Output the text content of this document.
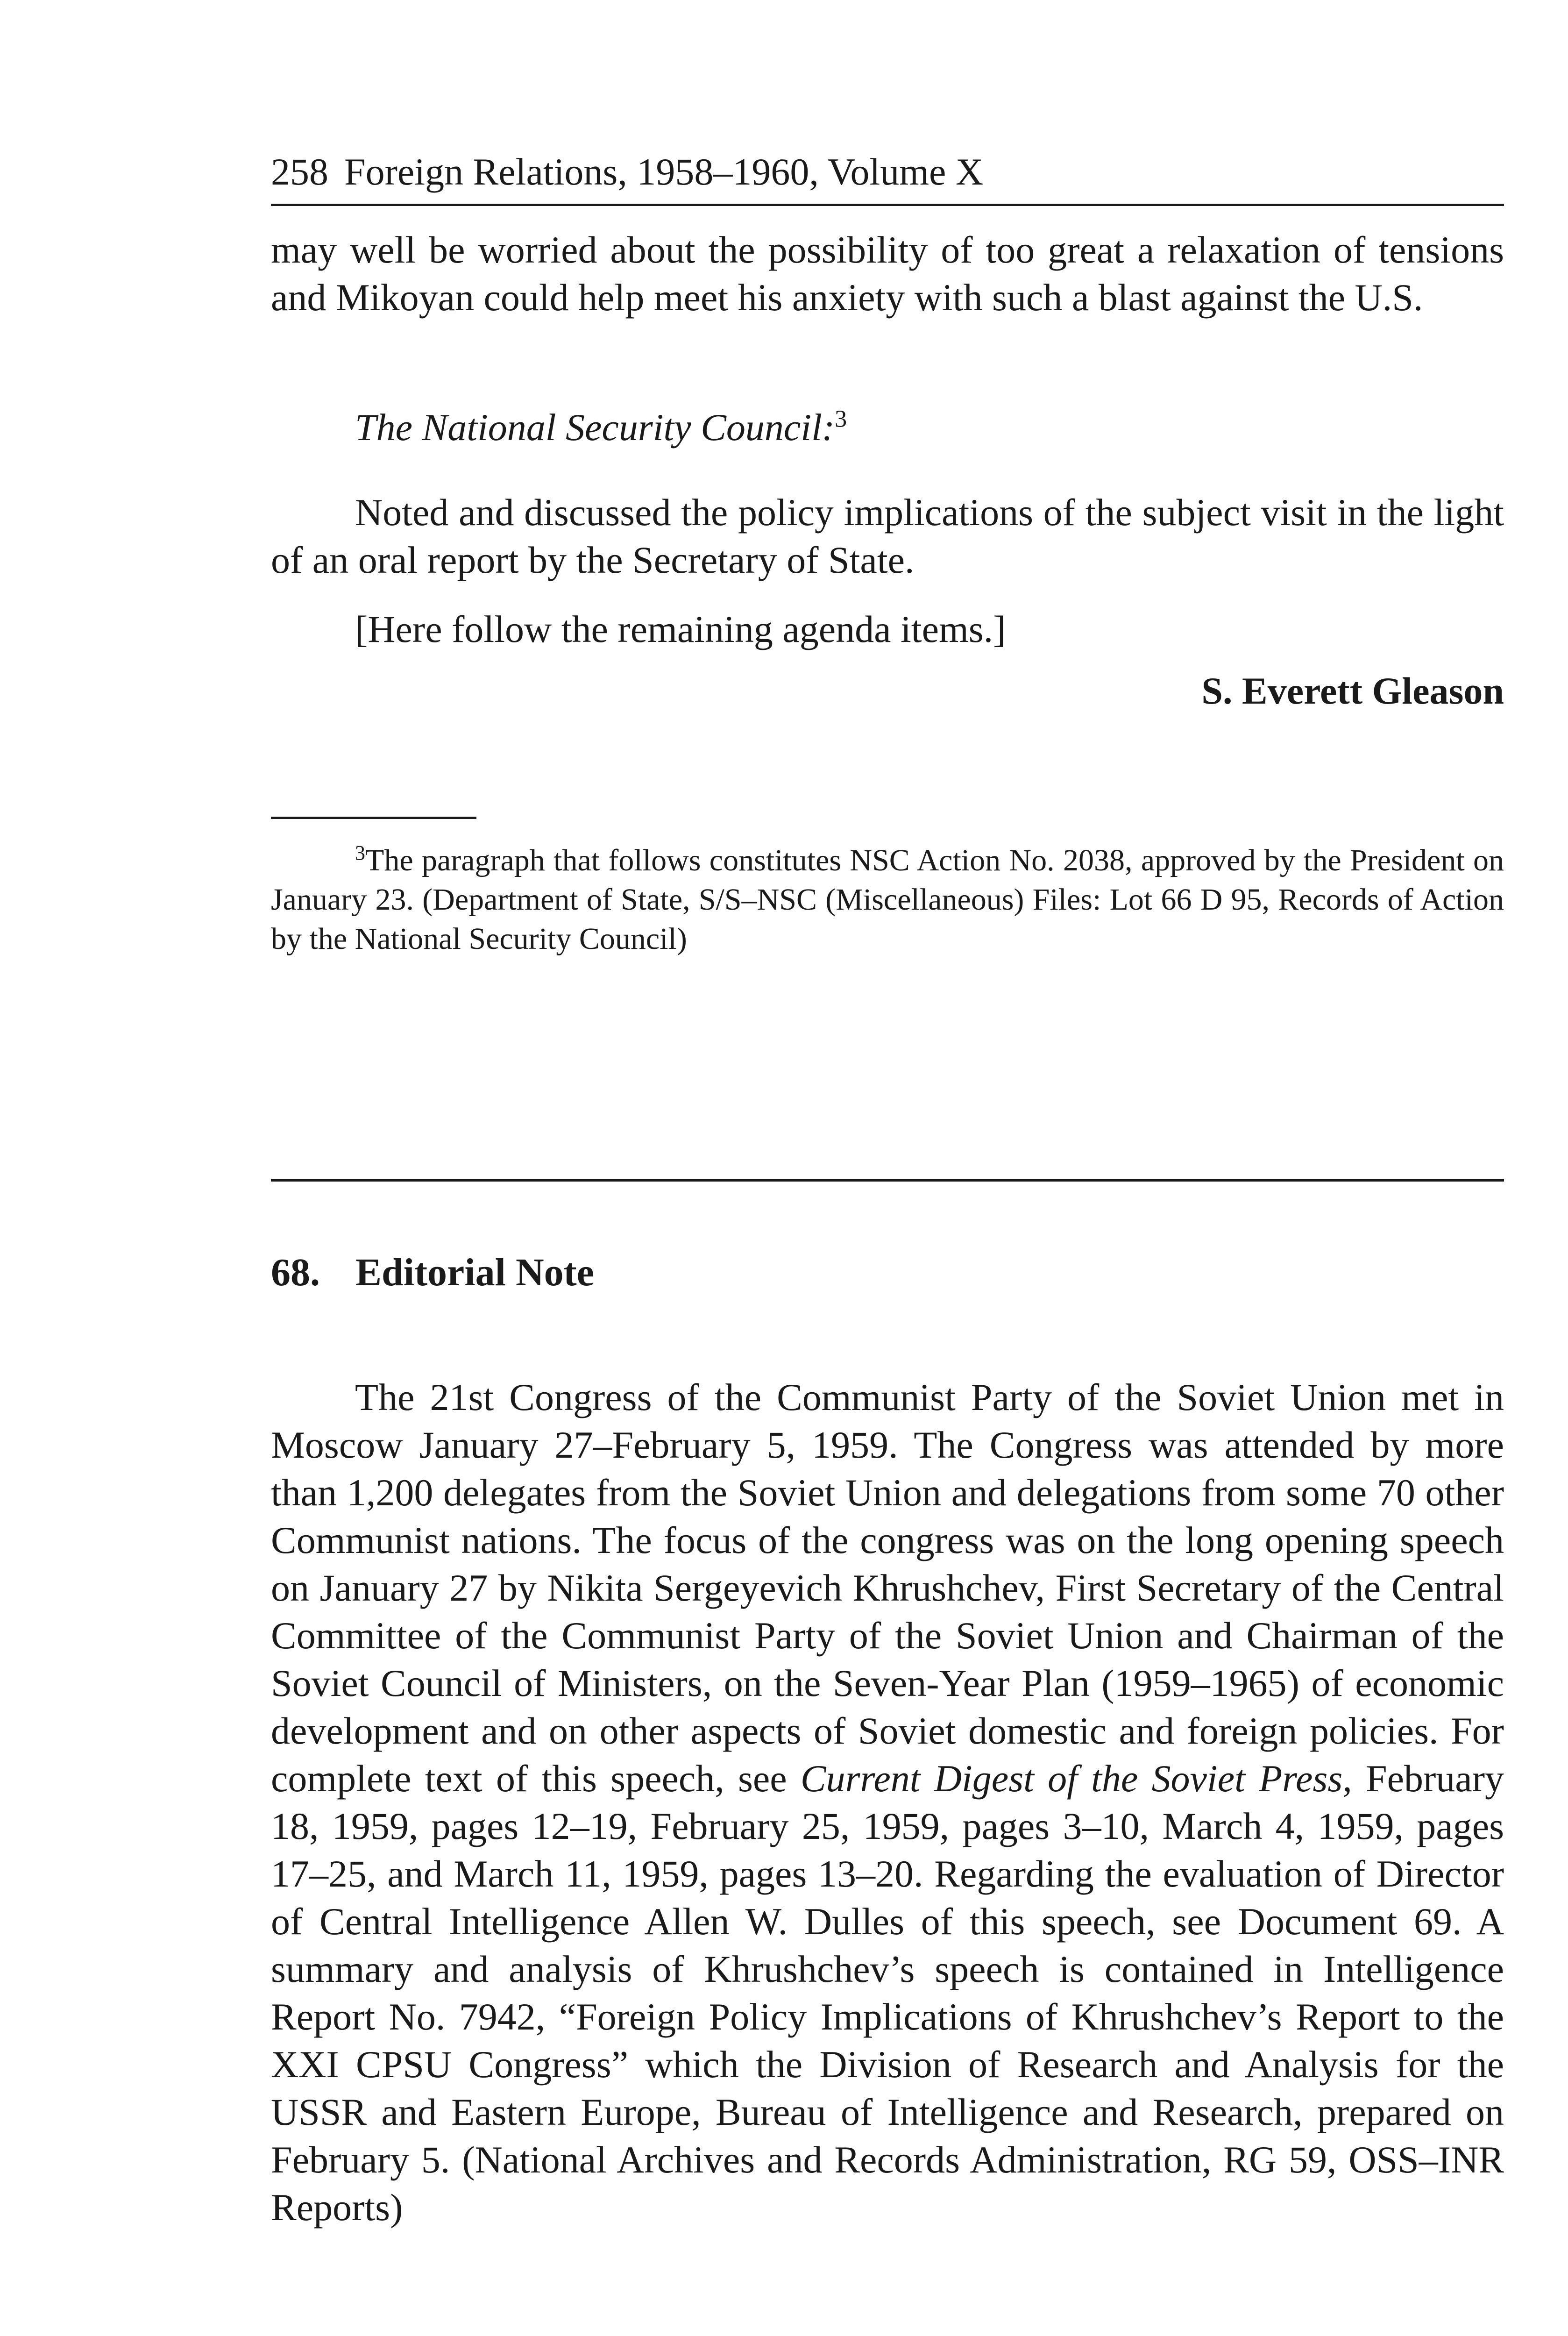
258 Foreign Relations, 1958–1960, Volume X

may well be worried about the possibility of too great a relaxation of tensions and Mikoyan could help meet his anxiety with such a blast against the U.S.

The National Security Council:$^3$

Noted and discussed the policy implications of the subject visit in the light of an oral report by the Secretary of State.

[Here follow the remaining agenda items.]

S. Everett Gleason

$^3$The paragraph that follows constitutes NSC Action No. 2038, approved by the President on January 23. (Department of State, S/S–NSC (Miscellaneous) Files: Lot 66 D 95, Records of Action by the National Security Council)

68. Editorial Note

The 21st Congress of the Communist Party of the Soviet Union met in Moscow January 27–February 5, 1959. The Congress was attended by more than 1,200 delegates from the Soviet Union and delegations from some 70 other Communist nations. The focus of the congress was on the long opening speech on January 27 by Nikita Sergeyevich Khrushchev, First Secretary of the Central Committee of the Communist Party of the Soviet Union and Chairman of the Soviet Council of Ministers, on the Seven-Year Plan (1959–1965) of economic development and on other aspects of Soviet domestic and foreign policies. For complete text of this speech, see Current Digest of the Soviet Press, February 18, 1959, pages 12–19, February 25, 1959, pages 3–10, March 4, 1959, pages 17–25, and March 11, 1959, pages 13–20. Regarding the evaluation of Director of Central Intelligence Allen W. Dulles of this speech, see Document 69. A summary and analysis of Khrushchev’s speech is contained in Intelligence Report No. 7942, “Foreign Policy Implications of Khrushchev’s Report to the XXI CPSU Congress” which the Division of Research and Analysis for the USSR and Eastern Europe, Bureau of Intelligence and Research, prepared on February 5. (National Archives and Records Administration, RG 59, OSS–INR Reports)
